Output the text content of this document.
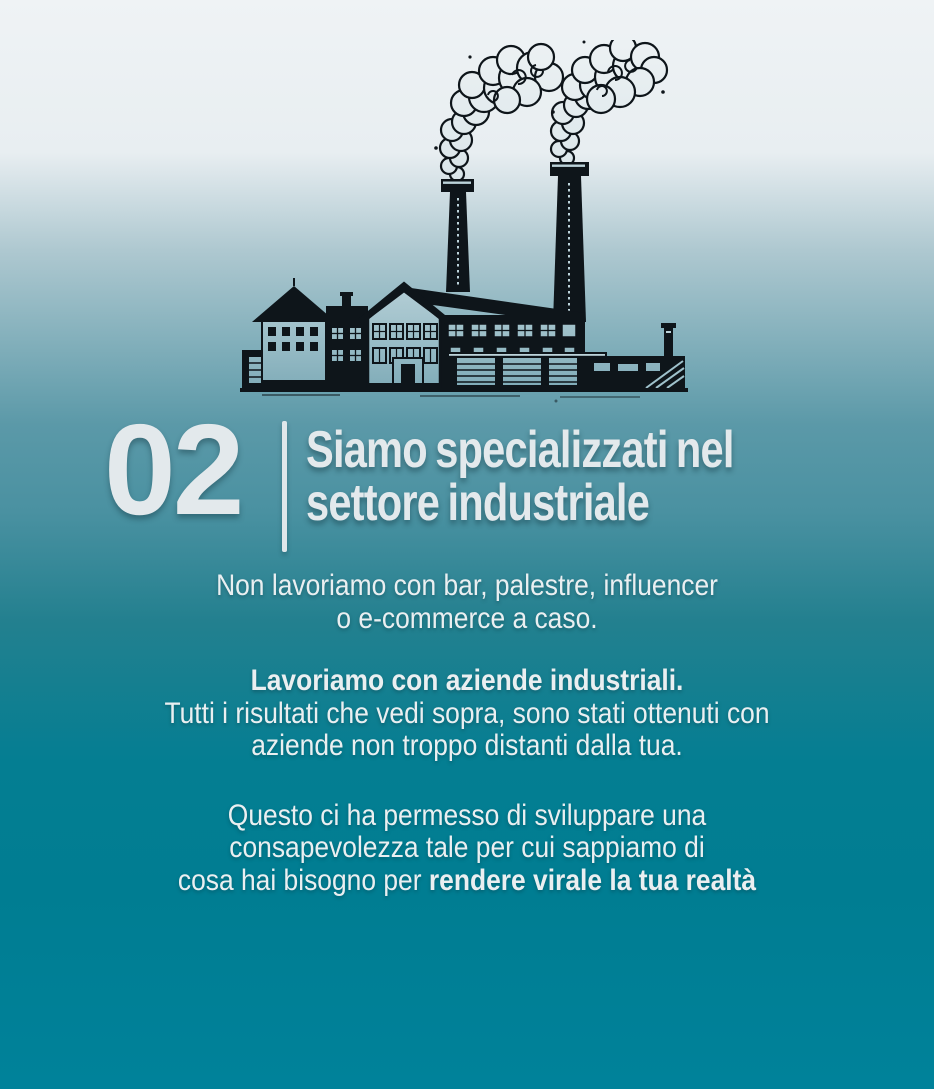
02 Siamo specializzati nel
settore industriale

Non lavoriamo con bar, palestre, influencer
o e-commerce a caso.

Lavoriamo con aziende industriali.
Tutti i risultati che vedi sopra, sono stati ottenuti con
aziende non troppo distanti dalla tua.

Questo ci ha permesso di sviluppare una
consapevolezza tale per cui sappiamo di
cosa hai bisogno per rendere virale la tua realtà
